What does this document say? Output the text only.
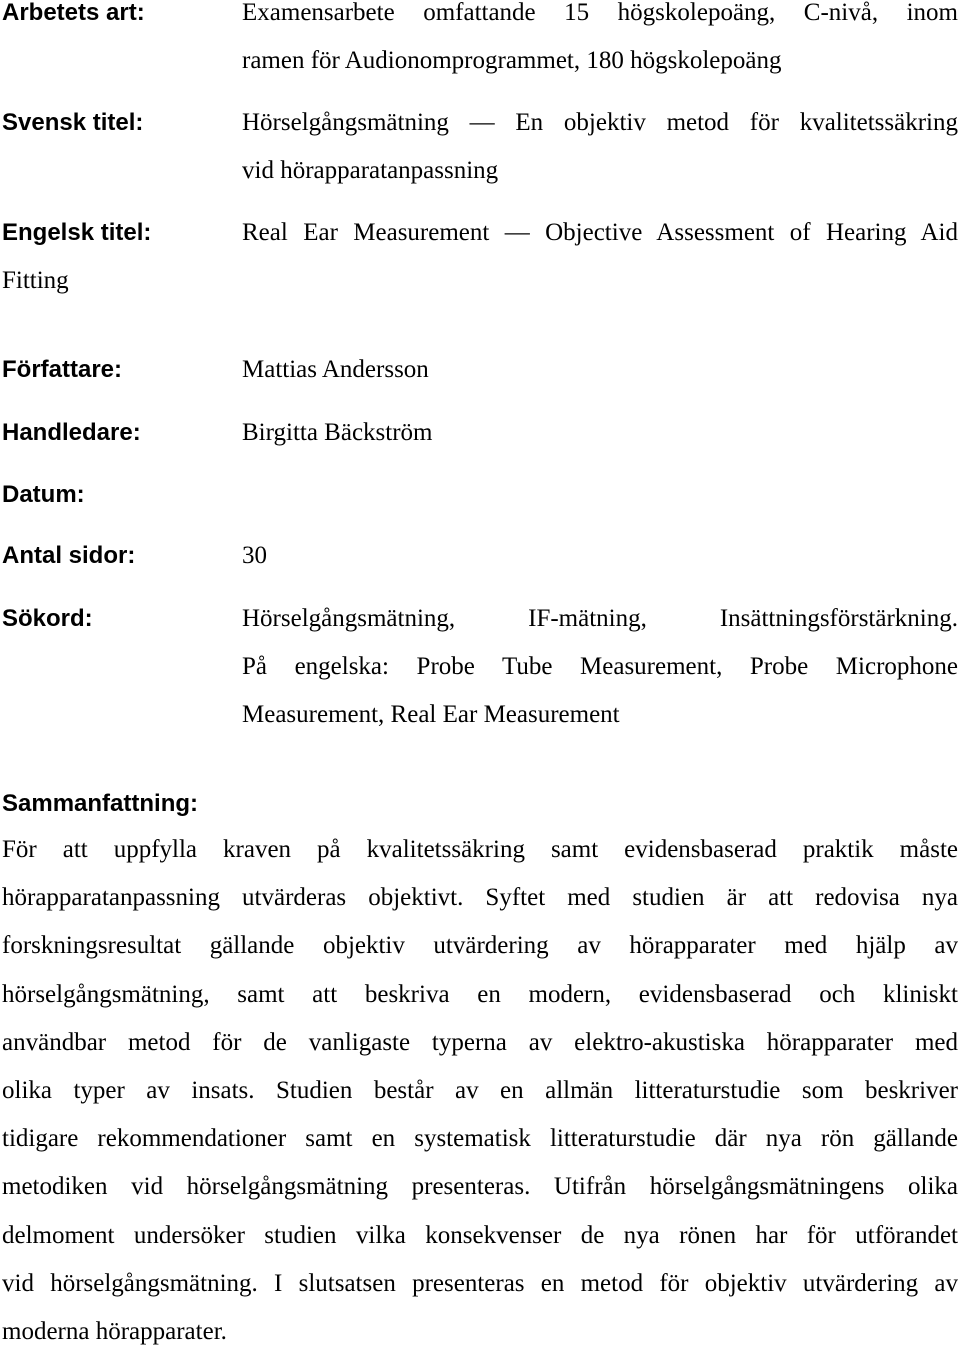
Arbetets art:	Examensarbete omfattande 15 högskolepoäng, C-nivå, inom
ramen för Audionomprogrammet, 180 högskolepoäng
Svensk titel:	Hörselgångsmätning — En objektiv metod för kvalitetssäkring
vid hörapparatanpassning
Engelsk titel:	Real Ear Measurement — Objective Assessment of Hearing Aid
Fitting
Författare:	Mattias Andersson
Handledare:	Birgitta Bäckström
Datum:
Antal sidor:	30
Sökord:	Hörselgångsmätning, IF-mätning, Insättningsförstärkning.
På engelska: Probe Tube Measurement, Probe Microphone
Measurement, Real Ear Measurement
Sammanfattning:
För att uppfylla kraven på kvalitetssäkring samt evidensbaserad praktik måste
hörapparatanpassning utvärderas objektivt. Syftet med studien är att redovisa nya
forskningsresultat gällande objektiv utvärdering av hörapparater med hjälp av
hörselgångsmätning, samt att beskriva en modern, evidensbaserad och kliniskt
användbar metod för de vanligaste typerna av elektro-akustiska hörapparater med
olika typer av insats. Studien består av en allmän litteraturstudie som beskriver
tidigare rekommendationer samt en systematisk litteraturstudie där nya rön gällande
metodiken vid hörselgångsmätning presenteras. Utifrån hörselgångsmätningens olika
delmoment undersöker studien vilka konsekvenser de nya rönen har för utförandet
vid hörselgångsmätning. I slutsatsen presenteras en metod för objektiv utvärdering av
moderna hörapparater.
